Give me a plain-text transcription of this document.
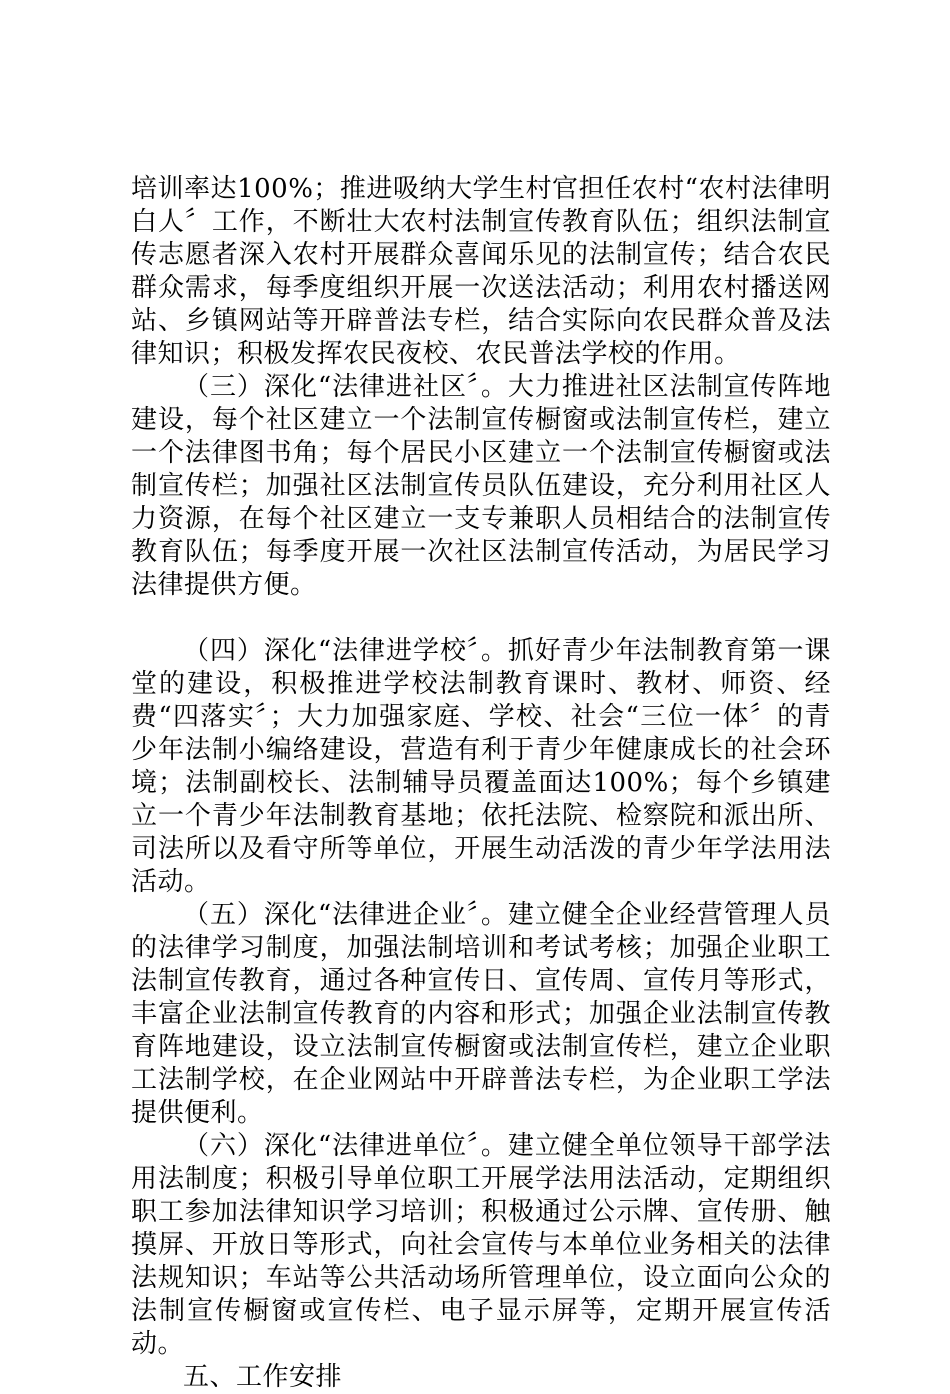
培训率达100%；推进吸纳大学生村官担任农村“农村法律明白人〞工作，不断壮大农村法制宣传教育队伍；组织法制宣传志愿者深入农村开展群众喜闻乐见的法制宣传；结合农民群众需求，每季度组织开展一次送法活动；利用农村播送网站、乡镇网站等开辟普法专栏，结合实际向农民群众普及法律知识；积极发挥农民夜校、农民普法学校的作用。

（三）深化“法律进社区〞。大力推进社区法制宣传阵地建设，每个社区建立一个法制宣传橱窗或法制宣传栏，建立一个法律图书角；每个居民小区建立一个法制宣传橱窗或法制宣传栏；加强社区法制宣传员队伍建设，充分利用社区人力资源，在每个社区建立一支专兼职人员相结合的法制宣传教育队伍；每季度开展一次社区法制宣传活动，为居民学习法律提供方便。

（四）深化“法律进学校〞。抓好青少年法制教育第一课堂的建设，积极推进学校法制教育课时、教材、师资、经费“四落实〞；大力加强家庭、学校、社会“三位一体〞的青少年法制小编络建设，营造有利于青少年健康成长的社会环境；法制副校长、法制辅导员覆盖面达100%；每个乡镇建立一个青少年法制教育基地；依托法院、检察院和派出所、司法所以及看守所等单位，开展生动活泼的青少年学法用法活动。

（五）深化“法律进企业〞。建立健全企业经营管理人员的法律学习制度，加强法制培训和考试考核；加强企业职工法制宣传教育，通过各种宣传日、宣传周、宣传月等形式，丰富企业法制宣传教育的内容和形式；加强企业法制宣传教育阵地建设，设立法制宣传橱窗或法制宣传栏，建立企业职工法制学校，在企业网站中开辟普法专栏，为企业职工学法提供便利。

（六）深化“法律进单位〞。建立健全单位领导干部学法用法制度；积极引导单位职工开展学法用法活动，定期组织职工参加法律知识学习培训；积极通过公示牌、宣传册、触摸屏、开放日等形式，向社会宣传与本单位业务相关的法律法规知识；车站等公共活动场所管理单位，设立面向公众的法制宣传橱窗或宣传栏、电子显示屏等，定期开展宣传活动。

五、工作安排
